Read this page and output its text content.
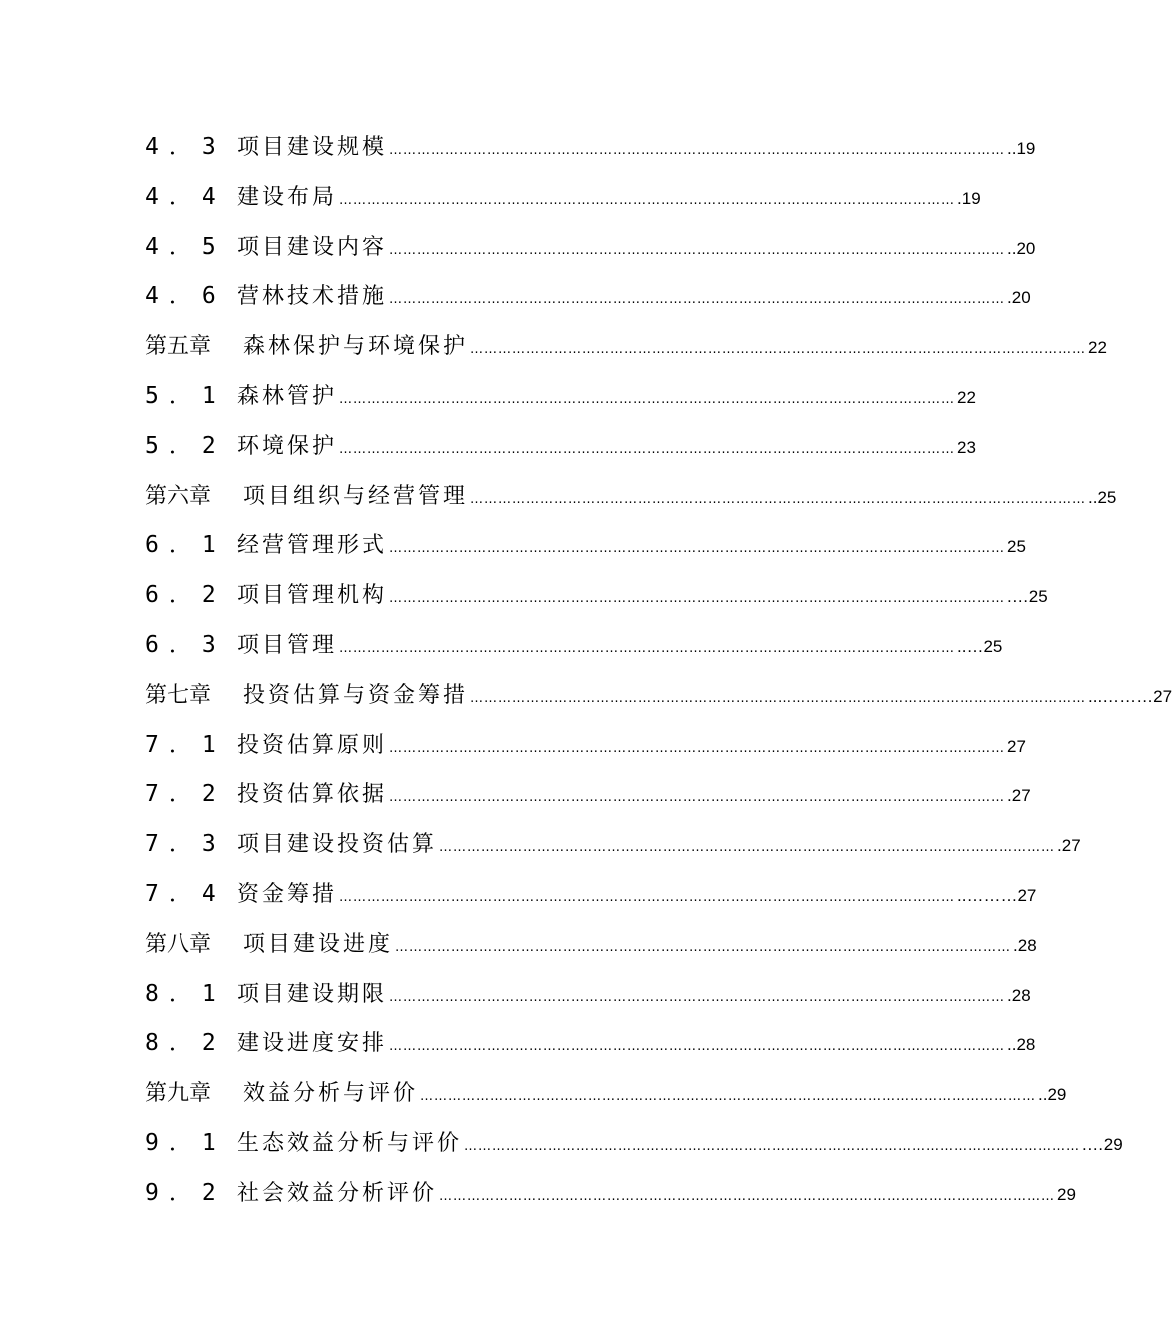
4．3 项目建设规模 …………………………………………………………………………………………………………………… ..19
4．4 建设布局 …………………………………………………………………………………………………………………… .19
4．5 项目建设内容 …………………………………………………………………………………………………………………… ..20
4．6 营林技术措施 …………………………………………………………………………………………………………………… .20
第五章	森林保护与环境保护 …………………………………………………………………………………………………………………… 22
5．1 森林管护 …………………………………………………………………………………………………………………… 22
5．2 环境保护 …………………………………………………………………………………………………………………… 23
第六章	项目组织与经营管理 …………………………………………………………………………………………………………………… ..25
6．1 经营管理形式 …………………………………………………………………………………………………………………… 25
6．2 项目管理机构 …………………………………………………………………………………………………………………… .…25
6．3 项目管理 …………………………………………………………………………………………………………………… ..…25
第七章	投资估算与资金筹措 …………………………………………………………………………………………………………………… ...………27
7．1 投资估算原则 …………………………………………………………………………………………………………………… 27
7．2 投资估算依据 …………………………………………………………………………………………………………………… .27
7．3 项目建设投资估算 …………………………………………………………………………………………………………………… .27
7．4 资金筹措 …………………………………………………………………………………………………………………… ..………27
第八章	项目建设进度 …………………………………………………………………………………………………………………… .28
8．1 项目建设期限 …………………………………………………………………………………………………………………… .28
8．2 建设进度安排 …………………………………………………………………………………………………………………… ..28
第九章	效益分析与评价 …………………………………………………………………………………………………………………… ..29
9．1 生态效益分析与评价 …………………………………………………………………………………………………………………… .…29
9．2 社会效益分析评价 …………………………………………………………………………………………………………………… 29
